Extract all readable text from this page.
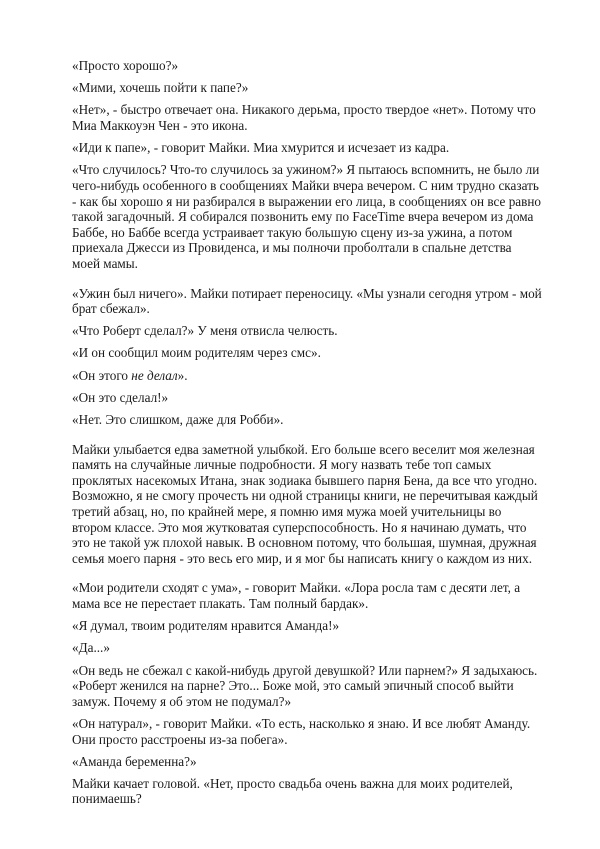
«Просто хорошо?»

«Мими, хочешь пойти к папе?»

«Нет», - быстро отвечает она. Никакого дерьма, просто твердое «нет». Потому что Миа Маккоуэн Чен - это икона.

«Иди к папе», - говорит Майки. Миа хмурится и исчезает из кадра.

«Что случилось? Что-то случилось за ужином?» Я пытаюсь вспомнить, не было ли чего-нибудь особенного в сообщениях Майки вчера вечером. С ним трудно сказать - как бы хорошо я ни разбирался в выражении его лица, в сообщениях он все равно такой загадочный. Я собирался позвонить ему по FaceTime вчера вечером из дома Баббе, но Баббе всегда устраивает такую большую сцену из-за ужина, а потом приехала Джесси из Провиденса, и мы полночи проболтали в спальне детства моей мамы.

«Ужин был ничего». Майки потирает переносицу. «Мы узнали сегодня утром - мой брат сбежал».

«Что Роберт сделал?» У меня отвисла челюсть.

«И он сообщил моим родителям через смс».

«Он этого не делал».

«Он это сделал!»

«Нет. Это слишком, даже для Робби».

Майки улыбается едва заметной улыбкой. Его больше всего веселит моя железная память на случайные личные подробности. Я могу назвать тебе топ самых проклятых насекомых Итана, знак зодиака бывшего парня Бена, да все что угодно. Возможно, я не смогу прочесть ни одной страницы книги, не перечитывая каждый третий абзац, но, по крайней мере, я помню имя мужа моей учительницы во втором классе. Это моя жутковатая суперспособность. Но я начинаю думать, что это не такой уж плохой навык. В основном потому, что большая, шумная, дружная семья моего парня - это весь его мир, и я мог бы написать книгу о каждом из них.

«Мои родители сходят с ума», - говорит Майки. «Лора росла там с десяти лет, а мама все не перестает плакать. Там полный бардак».

«Я думал, твоим родителям нравится Аманда!»

«Да...»

«Он ведь не сбежал с какой-нибудь другой девушкой? Или парнем?» Я задыхаюсь. «Роберт женился на парне? Это... Боже мой, это самый эпичный способ выйти замуж. Почему я об этом не подумал?»

«Он натурал», - говорит Майки. «То есть, насколько я знаю. И все любят Аманду. Они просто расстроены из-за побега».

«Аманда беременна?»

Майки качает головой. «Нет, просто свадьба очень важна для моих родителей, понимаешь?
